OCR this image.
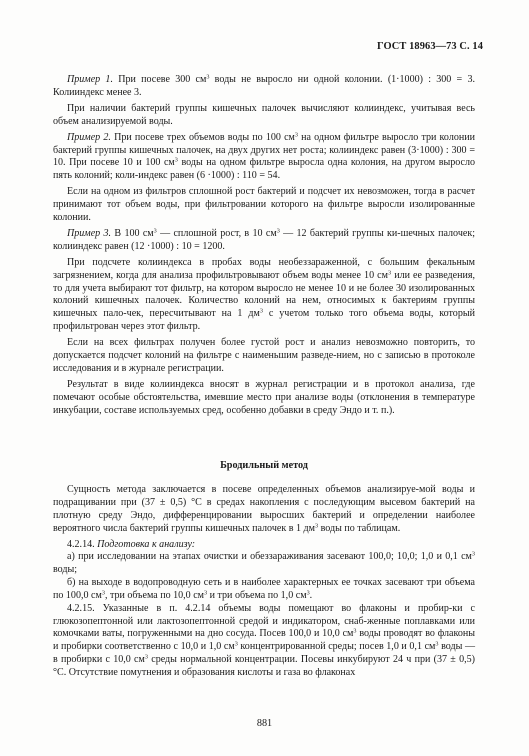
ГОСТ 18963—73 С. 14

Пример 1. При посеве 300 $см^3$ воды не выросло ни одной колонии. (1·1000) : 300 = 3. Колииндекс менее 3.

При наличии бактерий группы кишечных палочек вычисляют колииндекс, учитывая весь объем анализируемой воды.

Пример 2. При посеве трех объемов воды по 100 $см^3$ на одном фильтре выросло три колонии бактерий группы кишечных палочек, на двух других нет роста; колииндекс равен (3·1000) : 300 = 10. При посеве 10 и 100 $см^3$ воды на одном фильтре выросла одна колония, на другом выросло пять колоний; коли-индекс равен (6 ·1000) : 110 = 54.

Если на одном из фильтров сплошной рост бактерий и подсчет их невозможен, тогда в расчет принимают тот объем воды, при фильтровании которого на фильтре выросли изолированные колонии.

Пример 3. В 100 $см^3$ — сплошной рост, в 10 $см^3$ — 12 бактерий группы ки-шечных палочек; колииндекс равен (12 ·1000) : 10 = 1200.

При подсчете колииндекса в пробах воды необеззараженной, с большим фекальным загрязнением, когда для анализа профильтровывают объем воды менее 10 $см^3$ или ее разведения, то для учета выбирают тот фильтр, на котором выросло не менее 10 и не более 30 изолированных колоний кишечных палочек. Количество колоний на нем, относимых к бактериям группы кишечных пало-чек, пересчитывают на 1 $дм^3$ с учетом только того объема воды, который профильтрован через этот фильтр.

Если на всех фильтрах получен более густой рост и анализ невозможно повторить, то допускается подсчет колоний на фильтре с наименьшим разведе-нием, но с записью в протоколе исследования и в журнале регистрации.

Результат в виде колииндекса вносят в журнал регистрации и в протокол анализа, где помечают особые обстоятельства, имевшие место при анализе воды (отклонения в температуре инкубации, составе используемых сред, особенно добавки в среду Эндо и т. п.).

Бродильный метод

Сущность метода заключается в посеве определенных объемов анализируе-мой воды и подращивании при (37 ± 0,5) °С в средах накопления с последующим высевом бактерий на плотную среду Эндо, дифференцировании выросших бактерий и определении наиболее вероятного числа бактерий группы кишечных палочек в 1 $дм^3$ воды по таблицам.

4.2.14. Подготовка к анализу:

а) при исследовании на этапах очистки и обеззараживания засевают 100,0; 10,0; 1,0 и 0,1 $см^3$ воды;

б) на выходе в водопроводную сеть и в наиболее характерных ее точках засевают три объема по 100,0 $см^3$, три объема по 10,0 $см^3$ и три объема по 1,0 $см^3$.

4.2.15. Указанные в п. 4.2.14 объемы воды помещают во флаконы и пробир-ки с глюкозопептонной или лактозопептонной средой и индикатором, снаб-женные поплавками или комочками ваты, погруженными на дно сосуда. Посев 100,0 и 10,0 $см^3$ воды проводят во флаконы и пробирки соответственно с 10,0 и 1,0 $см^3$ концентрированной среды; посев 1,0 и 0,1 $см^3$ воды — в пробирки с 10,0 $см^3$ среды нормальной концентрации. Посевы инкубируют 24 ч при (37 ± 0,5) °С. Отсутствие помутнения и образования кислоты и газа во флаконах

881
